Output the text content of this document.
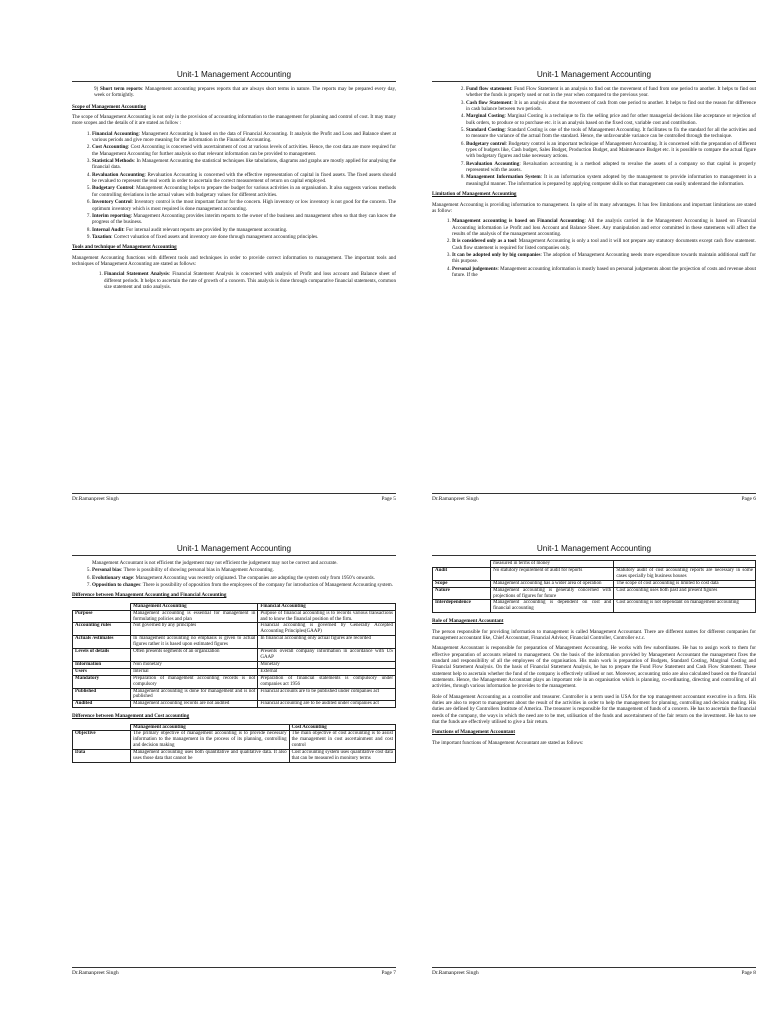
Unit-1 Management Accounting
9) Short term reports: Management accounting prepares reports that are always short terms in nature. The reports may be prepared every day, week or fortnightly.
Scope of Management Accounting

The scope of Management Accounting is not only in the provision of accounting information to the management for planning and control of cost. It may many more scopes and the details of it are stated as follow :

1. Financial Accounting: Management Accounting is based on the data of Financial Accounting. It analysis the Profit and Loss and Balance sheet at various periods and give more meaning for the information in the Financial Accounting.
2. Cost Accounting: Cost Accounting is concerned with ascertainment of cost at various levels of activities. Hence, the cost data are more required for the Management Accounting for further analysis so that relevant information can be provided to management.
3. Statistical Methods: In Management Accounting the statistical techniques like tabulations, diagrams and graphs are mostly applied for analysing the financial data.
4. Revaluation Accounting: Revaluation Accounting is concerned with the effective representation of capital in fixed assets. The fixed assets should be revalued to represent the real worth in order to ascertain the correct measurement of return on capital employed.
5. Budgetary Control: Management Accounting helps to prepare the budget for various activities in an organisation. It also suggests various methods for controlling deviations in the actual values with budgetary values for different activities.
6. Inventory Control: Inventory control is the most important factor for the concern. High inventory or low inventory is not good for the concern. The optimum inventory which is most required is done management accounting.
7. Interim reporting: Management Accounting provides interim reports to the owner of the business and management often so that they can know the progress of the business.
8. Internal Audit: For internal audit relevant reports are provided by the management accounting.
9. Taxation: Correct valuation of fixed assets and inventory are done through management accounting principles.
Tools and technique of Management Accounting

Management Accounting functions with different tools and techniques in order to provide correct information to management. The important tools and techniques of Management Accounting are stated as follows:

1. Financial Statement Analysis: Financial Statement Analysis is concerned with analysis of Profit and loss account and Balance sheet of different periods. It helps to ascertain the rate of growth of a concern. This analysis is done through comparative financial statements, common size statement and ratio analysis.
Dr.Ramanpreet Singh	Page 5
Unit-1 Management Accounting
2. Fund flow statement: Fund Flow Statement is an analysis to find out the movement of fund from one period to another. It helps to find out whether the funds is properly used or not in the year when compared to the previous year.
3. Cash flow Statement: It is an analysis about the movement of cash from one period to another. It helps to find out the reason for difference in cash balance between two periods.
4. Marginal Costing: Marginal Costing is a technique to fix the selling price and for other managerial decisions like acceptance or rejection of bulk orders, to produce or to purchase etc. it is an analysis based on the fixed cost, variable cost and contribution.
5. Standard Costing: Standard Costing is one of the tools of Management Accounting. It facilitates to fix the standard for all the activities and to measure the variance of the actual from the standard. Hence, the unfavourable variance can be controlled through the technique.
6. Budgetary control: Budgetary control is an important technique of Management Accounting. It is concerned with the preparation of different types of budgets like, Cash budget, Sales Budget, Production Budget, and Maintenance Budget etc. it is possible to compare the actual figure with budgetary figures and take necessary actions.
7. Revaluation Accounting: Revaluation accounting is a method adopted to revalue the assets of a company so that capital is properly represented with the assets.
8. Management Information System: It is an information system adopted by the management to provide information to management in a meaningful manner. The information is prepared by applying computer skills so that management can easily understand the information.
Limitation of Management Accounting

Management Accounting is providing information to management. In spite of its many advantages. It has few limitations and important limitations are stated as follow:

1. Management accounting is based on Financial Accounting: All the analysis carried in the Management Accounting is based on Financial Accounting information i.e Profit and loss Account and Balance Sheet. Any manipulation and error committed in these statements will affect the results of the analysis of the management accounting.
2. It is considered only as a tool: Management Accounting is only a tool and it will not prepare any statutory documents except cash flow statement. Cash flow statement is required for listed companies only.
3. It can be adopted only by big companies: The adoption of Management Accounting needs more expenditure towards maintain additional staff for this purpose.
4. Personal judgements: Management accounting information is mostly based on personal judgements about the projection of costs and revenue about future. If the
Dr.Ramanpreet Singh	Page 6
Unit-1 Management Accounting

Management Accountant is not efficient the judgement may not efficient the judgement may not be correct and accurate.

5. Personal bias: There is possibility of showing personal bias in Management Accounting.
6. Evolutionary stage: Management Accounting was recently originated. The companies are adopting the system only from 1950’s onwards.
7. Opposition to changes: There is possibility of opposition from the employees of the company for introduction of Management Accounting system.
Difference between Management Accounting and Financial Accounting
	Management Accounting	Financial Accounting
Purpose	Management accounting is essential for management in formulating policies and plan	Purpose of financial accounting is to records various transactions and to know the financial position of the firm.
Accounting rules	Not governed by any principles	Financial accounting is governed by Generally Accepted Accounting Principles(GAAP)
Actuals /estimates	In management accounting no emphasis is given to actual figures rather it is based upon estimated figures	In financial accounting only actual figures are recorded
Levels of details	Often presents segments of an organization	Presents overall company information in accordance with US GAAP
Information	Non monetary	Monetary
Users	Internal	External
Mandatory	Preparation of management accounting records is not compulsory	Preparation of financial statements is compulsory under companies act 1956
Published	Management accounting is done for management and is not published	Financial accounts are to be published under companies act
Audited	Management accounting records are not audited	Financial accounting are to be audited under companies act
Difference between Management and Cost accounting
	Management accounting	Cost Accounting
Objective	The primary objective of management accounting is to provide necessary information to the management in the process of its planning, controlling and decision making	The main objective of cost accounting is to assist the management in cost ascertainment and cost control
Data	Management accounting uses both quantitative and qualitative data. It also uses those data that cannot be	Cost accounting system uses quantitative cost data that can be measured in monitory terms
Dr.Ramanpreet Singh	Page 7
Unit-1 Management Accounting
	measured in terms of money	
Audit	No statutory requirement of audit for reports	Statutory audit of cost accounting reports are necessary in some cases specially big business houses
Scope	Management accounting has a wider area of operation	The scope of cost accounting is limited to cost data
Nature	Management accounting is generally concerned with projections of figures for future	Cost accounting uses both past and present figures
Interdependence	Management accounting is dependent on cost and financial accounting	Cost accounting is not dependant on management accounting
Role of Management Accountant

The person responsible for providing information to management is called Management Accountant. There are different names for different companies for management accountant like, Chief Accountant, Financial Advisor, Financial Controller, Controller e.t.c.

Management Accountant is responsible for preparation of Management Accounting. He works with few subordinates. He has to assign work to them for effective preparation of accounts related to management. On the basis of the information provided by Management Accountant the management fixes the standard and responsibility of all the employees of the organisation. His main work is preparation of Budgets, Standard Costing, Marginal Costing and Financial Statement Analysis. On the basis of Financial Statement Analysis, he has to prepare the Fund Flow Statement and Cash Flow Statement. These statement help to ascertain whether the fund of the company is effectively utilised or not. Moreover, accounting ratio are also calculated based on the financial statements. Hence, the Management Accountant plays an important role in an organisation which is planning, co-ordinating, directing and controlling of all activities, through various information he provides to the management.

Role of Management Accounting as a controller and treasurer. Controller is a term used in USA for the top management accountant executive in a firm. His duties are also to report to management about the result of the activities in order to help the management for planning, controlling and decision making. His duties are defined by Controllers Institute of America. The treasurer is responsible for the management of funds of a concern. He has to ascertain the financial needs of the company, the ways in which the need are to be met, utilisation of the funds and ascertainment of the fair return on the investment. He has to see that the funds are effectively utilised to give a fair return.

Functions of Management Accountant

The important functions of Management Accountant are stated as follows:

Dr.Ramanpreet Singh	Page 8
